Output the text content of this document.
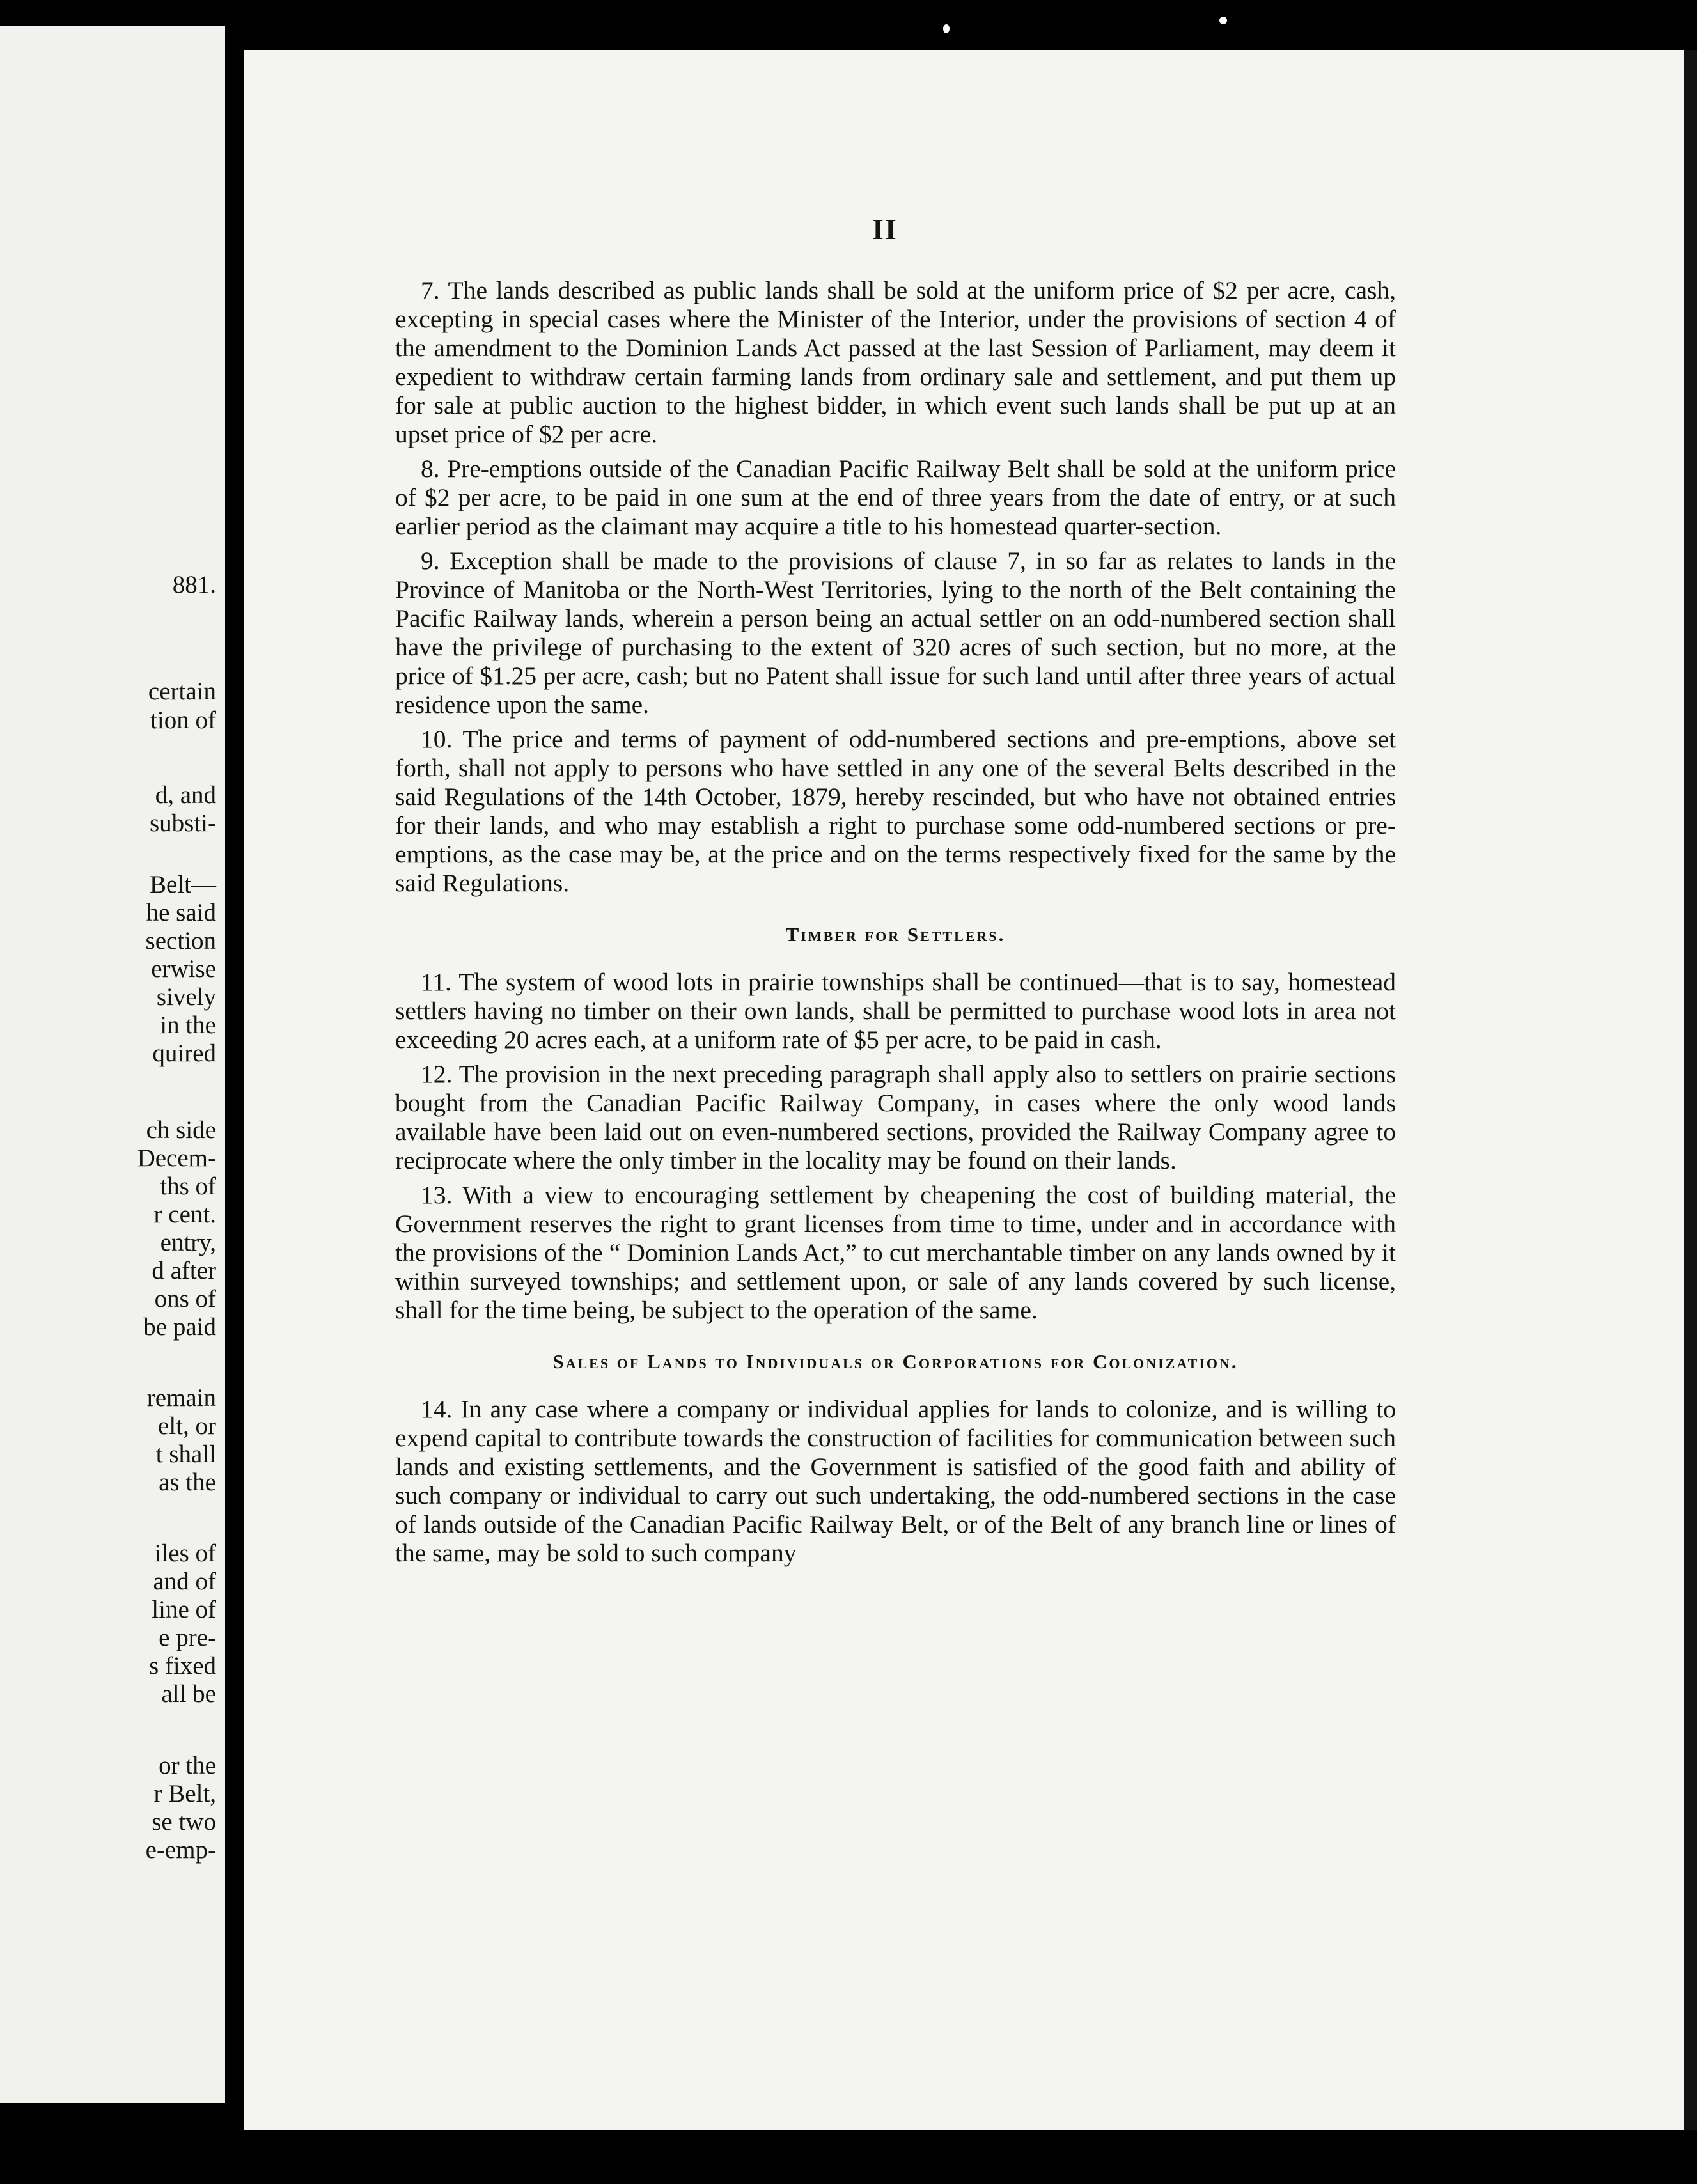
881.
certain
tion of
d, and
substi-
Belt—
he said
section
erwise
sively
in the
quired
ch side
Decem-
ths of
r cent.
entry,
d after
ons of
be paid
remain
elt, or
t shall
as the
iles of
and of
line of
e pre-
s fixed
all be
or the
r Belt,
se two
e-emp-
II

7. The lands described as public lands shall be sold at the uniform price of $2 per acre, cash, excepting in special cases where the Minister of the Interior, under the provisions of section 4 of the amendment to the Dominion Lands Act passed at the last Session of Parliament, may deem it expedient to withdraw certain farming lands from ordinary sale and settlement, and put them up for sale at public auction to the highest bidder, in which event such lands shall be put up at an upset price of $2 per acre.

8. Pre-emptions outside of the Canadian Pacific Railway Belt shall be sold at the uniform price of $2 per acre, to be paid in one sum at the end of three years from the date of entry, or at such earlier period as the claimant may acquire a title to his homestead quarter-section.

9. Exception shall be made to the provisions of clause 7, in so far as relates to lands in the Province of Manitoba or the North-West Territories, lying to the north of the Belt containing the Pacific Railway lands, wherein a person being an actual settler on an odd-numbered section shall have the privilege of purchasing to the extent of 320 acres of such section, but no more, at the price of $1.25 per acre, cash; but no Patent shall issue for such land until after three years of actual residence upon the same.

10. The price and terms of payment of odd-numbered sections and pre-emptions, above set forth, shall not apply to persons who have settled in any one of the several Belts described in the said Regulations of the 14th October, 1879, hereby rescinded, but who have not obtained entries for their lands, and who may establish a right to purchase some odd-numbered sections or pre-emptions, as the case may be, at the price and on the terms respectively fixed for the same by the said Regulations.

Timber for Settlers.

11. The system of wood lots in prairie townships shall be continued—that is to say, homestead settlers having no timber on their own lands, shall be permitted to purchase wood lots in area not exceeding 20 acres each, at a uniform rate of $5 per acre, to be paid in cash.

12. The provision in the next preceding paragraph shall apply also to settlers on prairie sections bought from the Canadian Pacific Railway Company, in cases where the only wood lands available have been laid out on even-numbered sections, provided the Railway Company agree to reciprocate where the only timber in the locality may be found on their lands.

13. With a view to encouraging settlement by cheapening the cost of building material, the Government reserves the right to grant licenses from time to time, under and in accordance with the provisions of the “ Dominion Lands Act,” to cut merchantable timber on any lands owned by it within surveyed townships; and settlement upon, or sale of any lands covered by such license, shall for the time being, be subject to the operation of the same.

Sales of Lands to Individuals or Corporations for Colonization.

14. In any case where a company or individual applies for lands to colonize, and is willing to expend capital to contribute towards the construction of facilities for communication between such lands and existing settlements, and the Government is satisfied of the good faith and ability of such company or individual to carry out such undertaking, the odd-numbered sections in the case of lands outside of the Canadian Pacific Railway Belt, or of the Belt of any branch line or lines of the same, may be sold to such company
